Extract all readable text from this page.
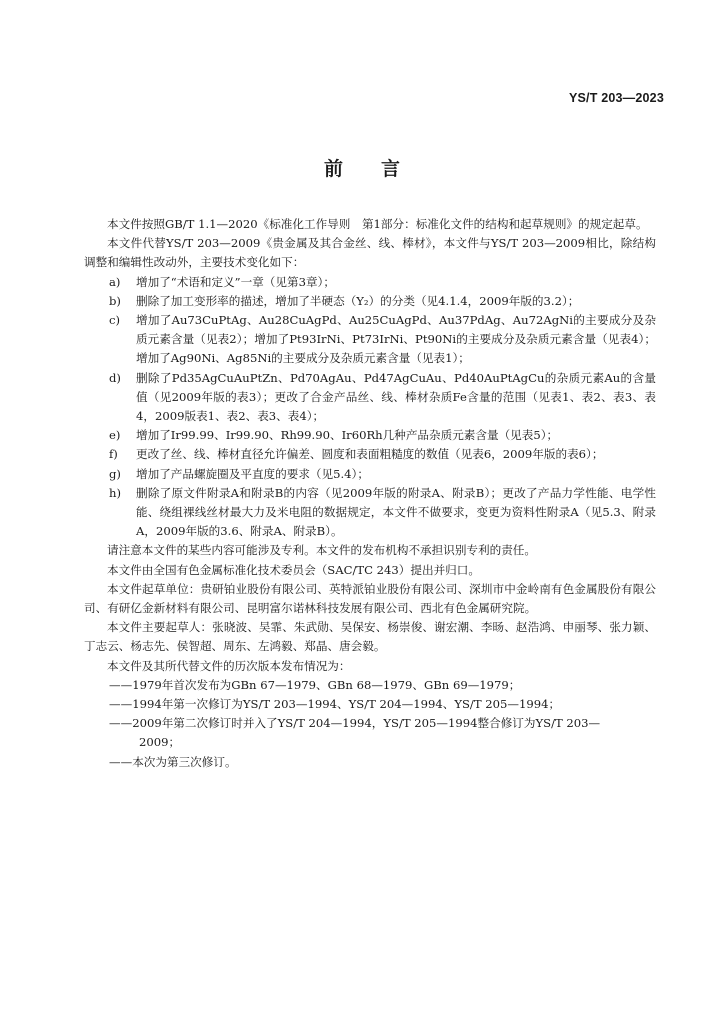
YS/T 203—2023
前言

本文件按照GB/T 1.1—2020《标准化工作导则　第1部分：标准化文件的结构和起草规则》的规定起草。

本文件代替YS/T 203—2009《贵金属及其合金丝、线、棒材》，本文件与YS/T 203—2009相比，除结构调整和编辑性改动外，主要技术变化如下：

a)	增加了“术语和定义”一章（见第3章）；
b)	删除了加工变形率的描述，增加了半硬态（Y₂）的分类（见4.1.4，2009年版的3.2）；
c)	增加了Au73CuPtAg、Au28CuAgPd、Au25CuAgPd、Au37PdAg、Au72AgNi的主要成分及杂质元素含量（见表2）；增加了Pt93IrNi、Pt73IrNi、Pt90Ni的主要成分及杂质元素含量（见表4）；增加了Ag90Ni、Ag85Ni的主要成分及杂质元素含量（见表1）；
d)	删除了Pd35AgCuAuPtZn、Pd70AgAu、Pd47AgCuAu、Pd40AuPtAgCu的杂质元素Au的含量值（见2009年版的表3）；更改了合金产品丝、线、棒材杂质Fe含量的范围（见表1、表2、表3、表4，2009版表1、表2、表3、表4）；
e)	增加了Ir99.99、Ir99.90、Rh99.90、Ir60Rh几种产品杂质元素含量（见表5）；
f)	更改了丝、线、棒材直径允许偏差、圆度和表面粗糙度的数值（见表6，2009年版的表6）；
g)	增加了产品螺旋圈及平直度的要求（见5.4）；
h)	删除了原文件附录A和附录B的内容（见2009年版的附录A、附录B）；更改了产品力学性能、电学性能、绕组裸线丝材最大力及米电阻的数据规定，本文件不做要求，变更为资料性附录A（见5.3、附录A，2009年版的3.6、附录A、附录B）。

请注意本文件的某些内容可能涉及专利。本文件的发布机构不承担识别专利的责任。

本文件由全国有色金属标准化技术委员会（SAC/TC 243）提出并归口。

本文件起草单位：贵研铂业股份有限公司、英特派铂业股份有限公司、深圳市中金岭南有色金属股份有限公司、有研亿金新材料有限公司、昆明富尔诺林科技发展有限公司、西北有色金属研究院。

本文件主要起草人：张晓波、吴霏、朱武勋、吴保安、杨崇俊、谢宏潮、李旸、赵浩鸿、申丽琴、张力颖、丁志云、杨志先、侯智超、周东、左鸿毅、郑晶、唐会毅。

本文件及其所代替文件的历次版本发布情况为：

——1979年首次发布为GBn 67—1979、GBn 68—1979、GBn 69—1979；

——1994年第一次修订为YS/T 203—1994、YS/T 204—1994、YS/T 205—1994；

——2009年第二次修订时并入了YS/T 204—1994，YS/T 205—1994整合修订为YS/T 203—

2009；

——本次为第三次修订。
